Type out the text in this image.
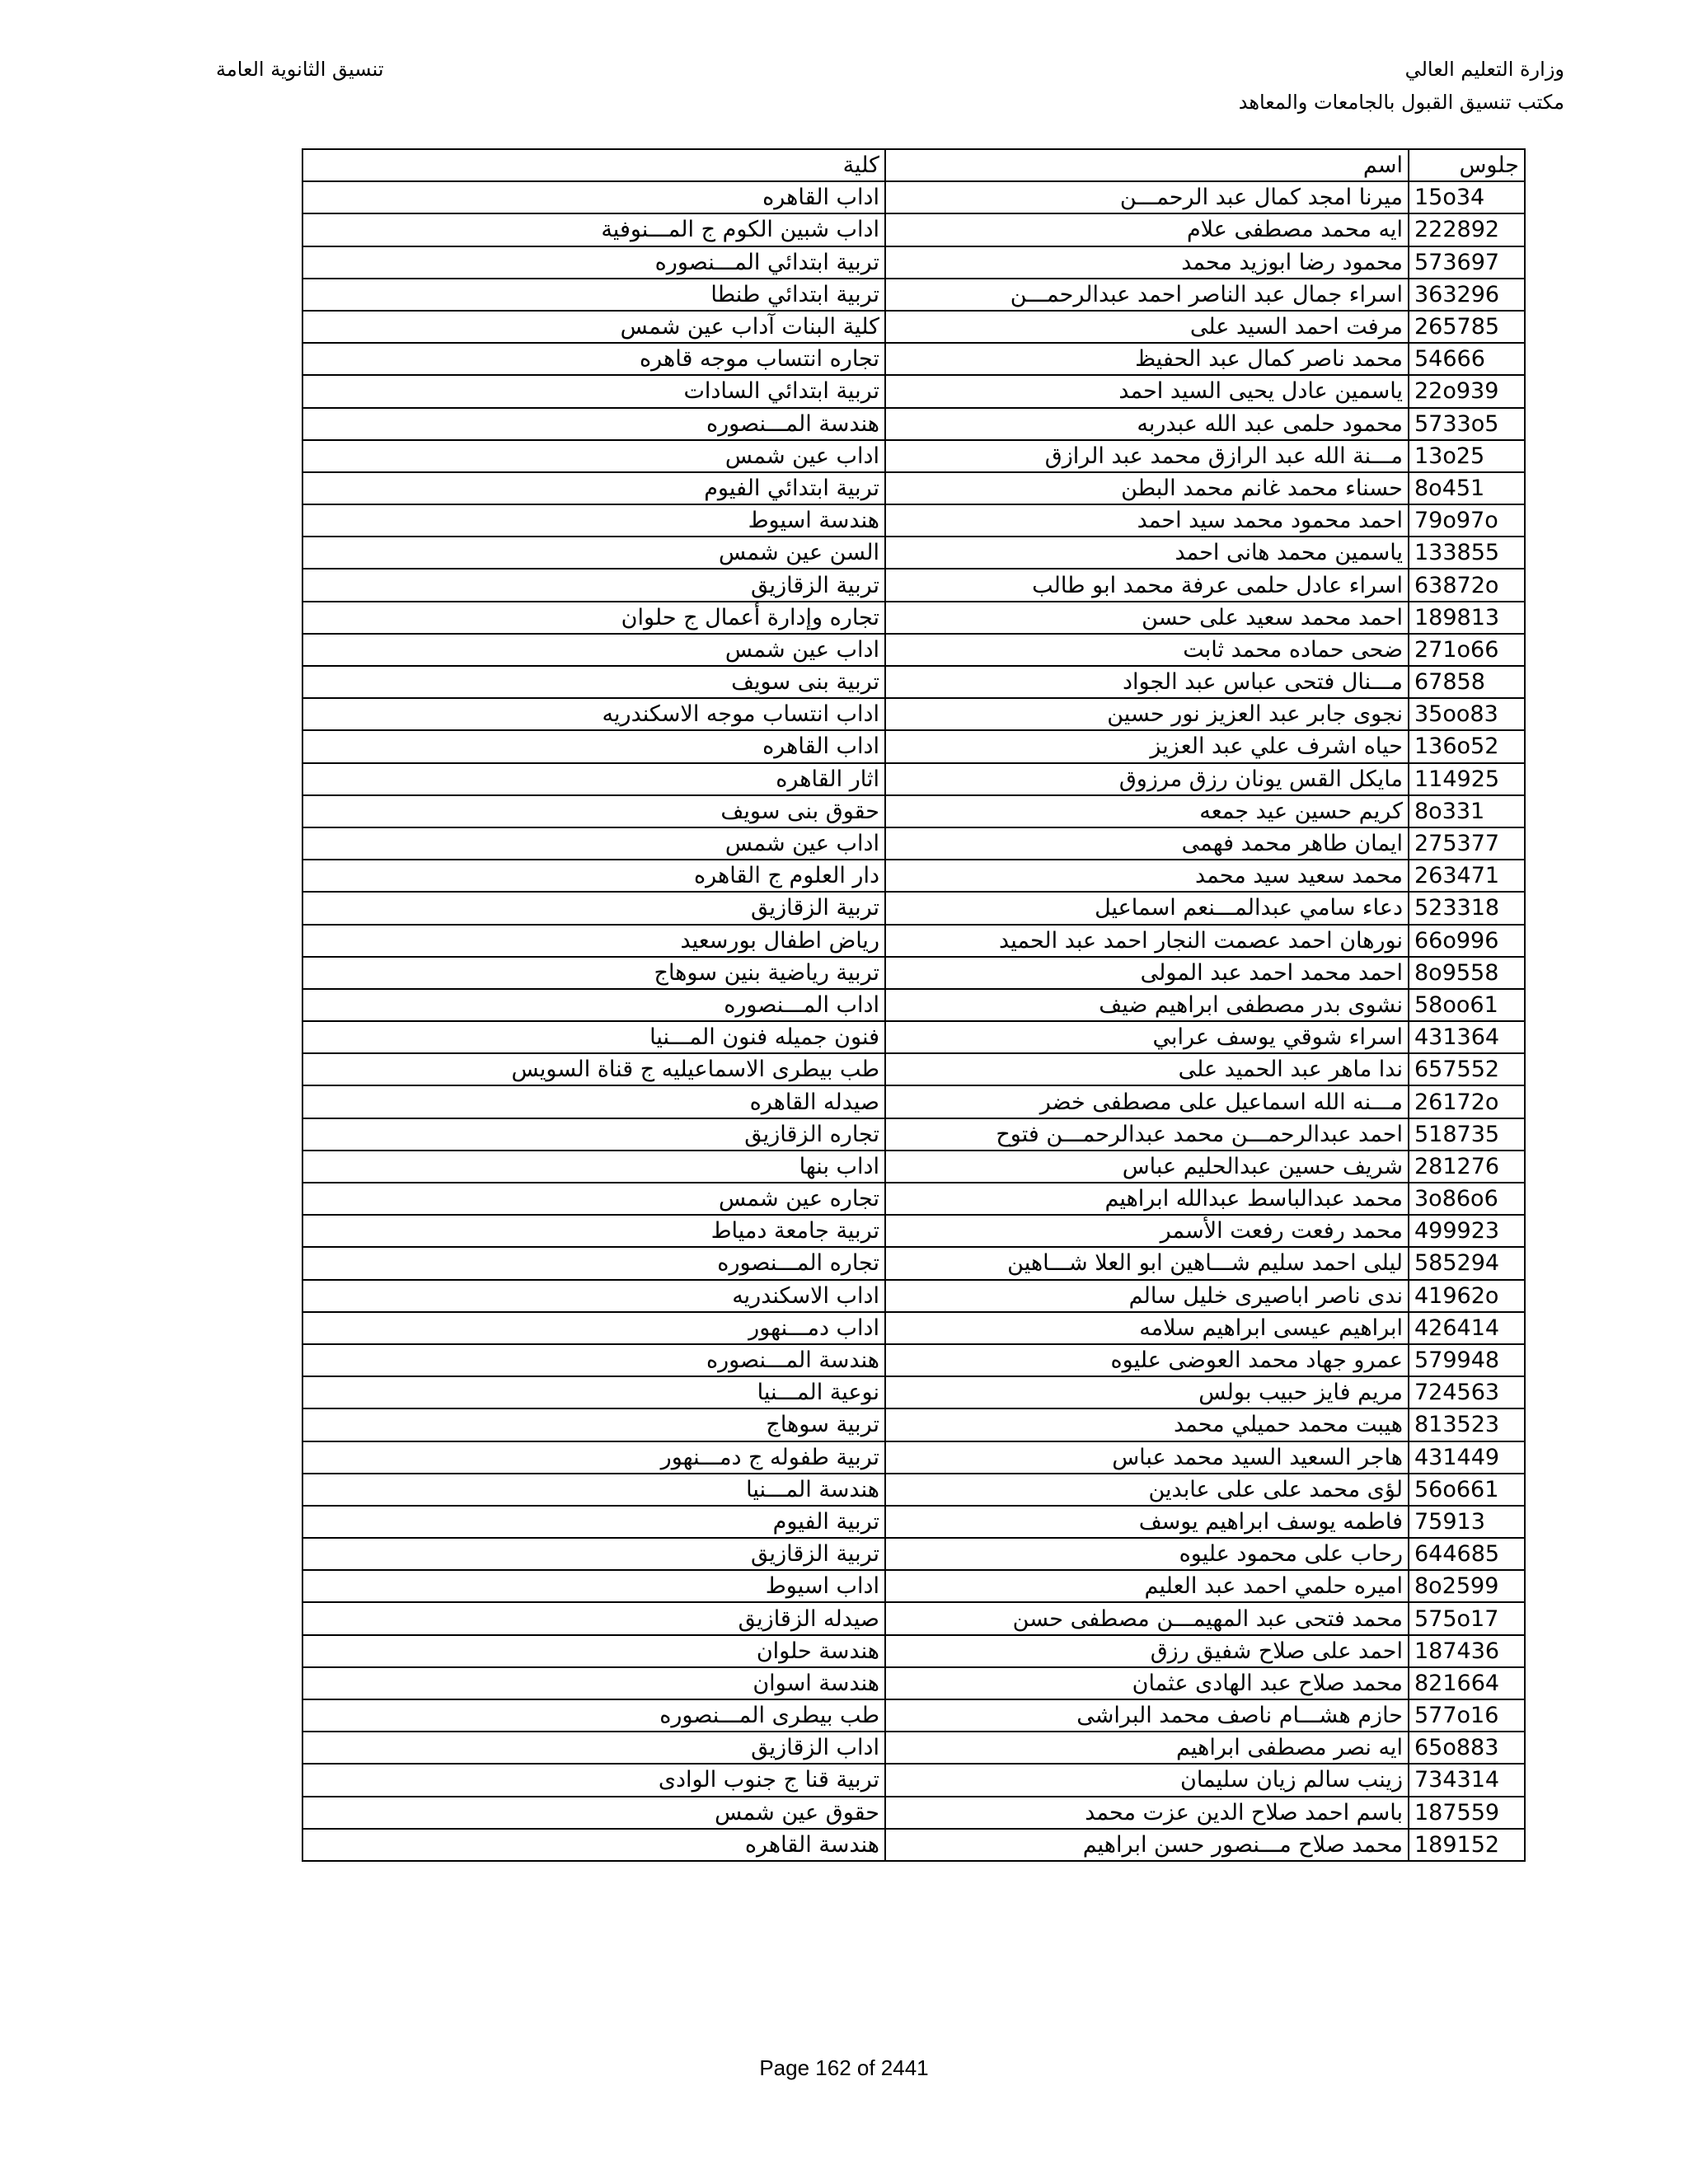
وزارة التعليم العالي
مكتب تنسيق القبول بالجامعات والمعاهد
تنسيق الثانوية العامة
جلوس	اسم	كلية
15o34	ميرنا امجد كمال عبد الرحمـــن	اداب القاهره
222892	ايه محمد مصطفى علام	اداب شبين الكوم ج المـــنوفية
573697	محمود رضا ابوزيد محمد	تربية ابتدائي المـــنصوره
363296	اسراء جمال عبد الناصر احمد عبدالرحمـــن	تربية ابتدائي طنطا
265785	مرفت احمد السيد على	كلية البنات آداب عين شمس
54666	محمد ناصر كمال عبد الحفيظ	تجاره انتساب موجه قاهره
22o939	ياسمين عادل يحيى السيد احمد	تربية ابتدائي السادات
5733o5	محمود حلمى عبد الله عبدربه	هندسة المـــنصوره
13o25	مـــنة الله عبد الرازق محمد عبد الرازق	اداب عين شمس
8o451	حسناء محمد غانم محمد البطن	تربية ابتدائي الفيوم
79o97o	احمد محمود محمد سيد احمد	هندسة اسيوط
133855	ياسمين محمد هانى احمد	السن عين شمس
63872o	اسراء عادل حلمى عرفة محمد ابو طالب	تربية الزقازيق
189813	احمد محمد سعيد على حسن	تجاره وإدارة أعمال ج حلوان
271o66	ضحى حماده محمد ثابت	اداب عين شمس
67858	مـــنال فتحى عباس عبد الجواد	تربية بنى سويف
35oo83	نجوى جابر عبد العزيز نور حسين	اداب انتساب موجه الاسكندريه
136o52	حياه اشرف علي عبد العزيز	اداب القاهره
114925	مايكل القس يونان رزق مرزوق	اثار القاهره
8o331	كريم حسين عيد جمعه	حقوق بنى سويف
275377	ايمان طاهر محمد فهمى	اداب عين شمس
263471	محمد سعيد سيد محمد	دار العلوم ج القاهره
523318	دعاء سامي عبدالمـــنعم اسماعيل	تربية الزقازيق
66o996	نورهان احمد عصمت النجار احمد عبد الحميد	رياض اطفال بورسعيد
8o9558	احمد محمد احمد عبد المولى	تربية رياضية بنين سوهاج
58oo61	نشوى بدر مصطفى ابراهيم ضيف	اداب المـــنصوره
431364	اسراء شوقي يوسف عرابي	فنون جميله فنون المـــنيا
657552	ندا ماهر عبد الحميد على	طب بيطرى الاسماعيليه ج قناة السويس
26172o	مـــنه الله اسماعيل على مصطفى خضر	صيدله القاهره
518735	احمد عبدالرحمـــن محمد عبدالرحمـــن فتوح	تجاره الزقازيق
281276	شريف حسين عبدالحليم عباس	اداب بنها
3o86o6	محمد عبدالباسط عبدالله ابراهيم	تجاره عين شمس
499923	محمد رفعت رفعت الأسمر	تربية جامعة دمياط
585294	ليلى احمد سليم شـــاهين ابو العلا شـــاهين	تجاره المـــنصوره
41962o	ندى ناصر اباصيرى خليل سالم	اداب الاسكندريه
426414	ابراهيم عيسى ابراهيم سلامه	اداب دمـــنهور
579948	عمرو جهاد محمد العوضى عليوه	هندسة المـــنصوره
724563	مريم فايز حبيب بولس	نوعية المـــنيا
813523	هيبت محمد حميلي محمد	تربية سوهاج
431449	هاجر السعيد السيد محمد عباس	تربية طفوله ج دمـــنهور
56o661	لؤى محمد على على عابدين	هندسة المـــنيا
75913	فاطمه يوسف ابراهيم يوسف	تربية الفيوم
644685	رحاب على محمود عليوه	تربية الزقازيق
8o2599	اميره حلمي احمد عبد العليم	اداب اسيوط
575o17	محمد فتحى عبد المهيمـــن مصطفى حسن	صيدله الزقازيق
187436	احمد على صلاح شفيق رزق	هندسة حلوان
821664	محمد صلاح عبد الهادى عثمان	هندسة اسوان
577o16	حازم هشـــام ناصف محمد البراشى	طب بيطرى المـــنصوره
65o883	ايه نصر مصطفى ابراهيم	اداب الزقازيق
734314	زينب سالم زيان سليمان	تربية قنا ج جنوب الوادى
187559	باسم احمد صلاح الدين عزت محمد	حقوق عين شمس
189152	محمد صلاح مـــنصور حسن ابراهيم	هندسة القاهره
Page 162 of 2441
